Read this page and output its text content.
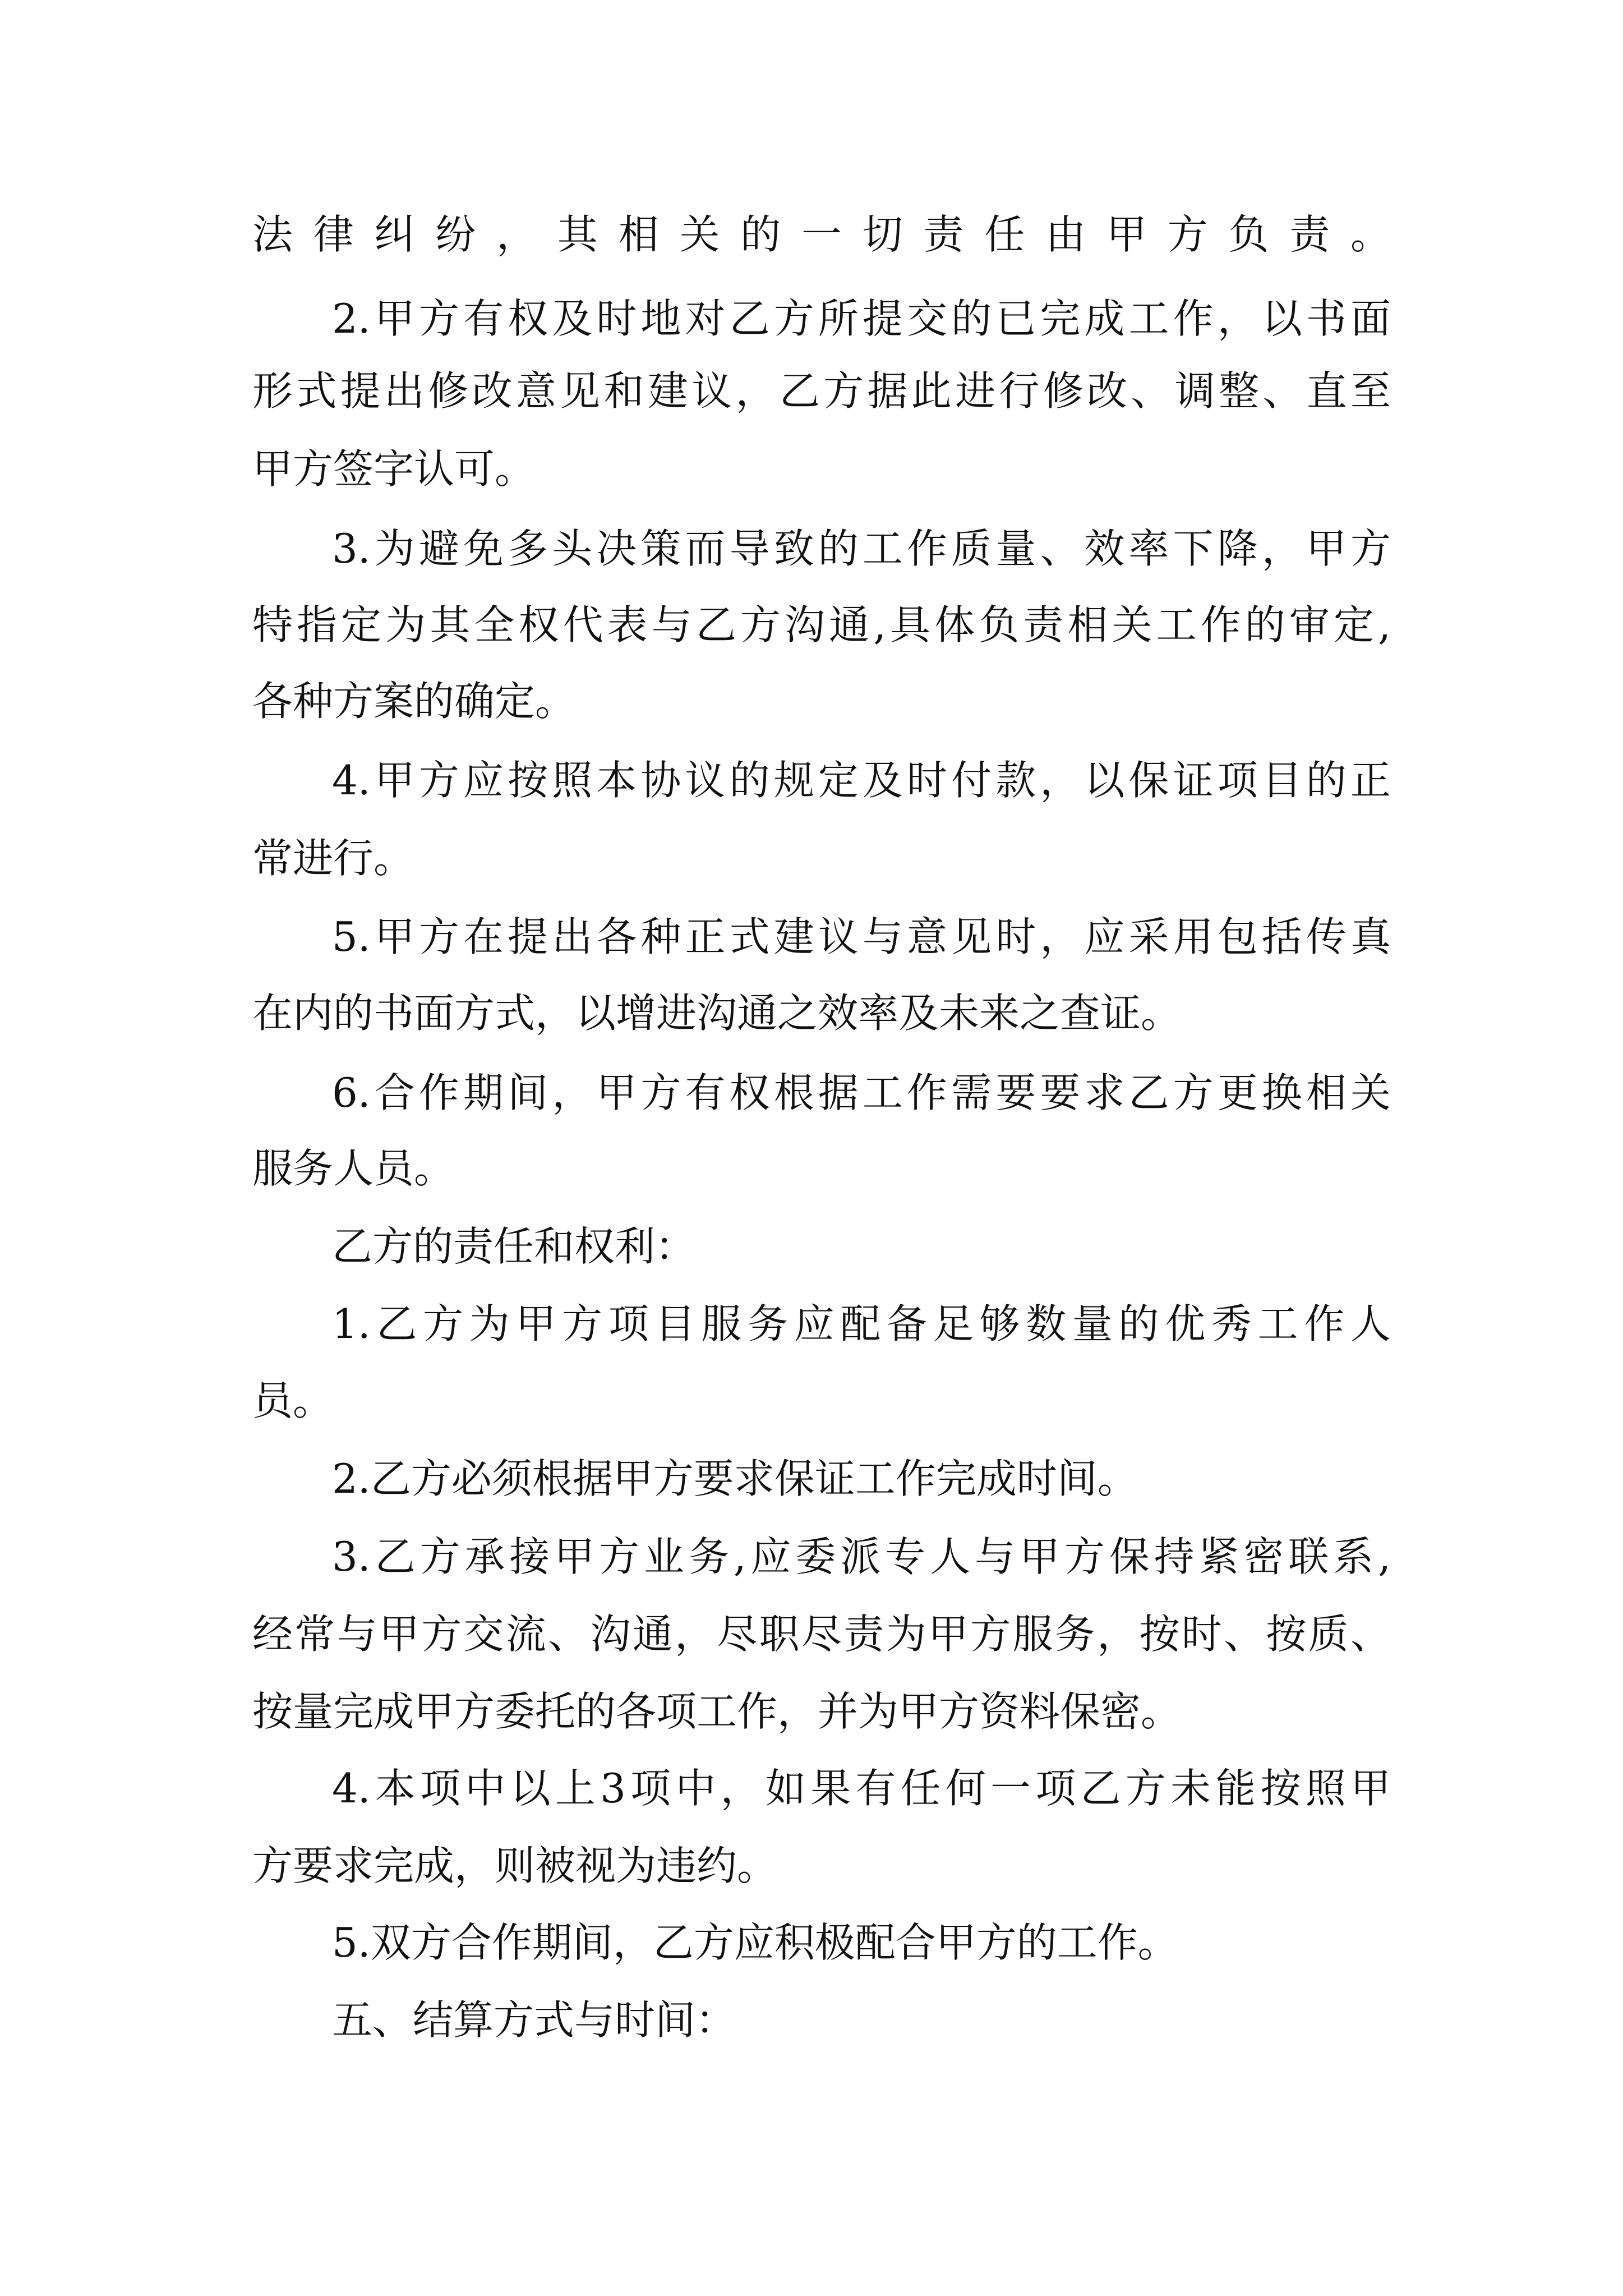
法律纠纷，其相关的一切责任由甲方负责。
2.甲方有权及时地对乙方所提交的已完成工作，以书面
形式提出修改意见和建议，乙方据此进行修改、调整、直至
甲方签字认可。
3.为避免多头决策而导致的工作质量、效率下降，甲方
特指定为其全权代表与乙方沟通,具体负责相关工作的审定,
各种方案的确定。
4.甲方应按照本协议的规定及时付款，以保证项目的正
常进行。
5.甲方在提出各种正式建议与意见时，应采用包括传真
在内的书面方式，以增进沟通之效率及未来之查证。
6.合作期间，甲方有权根据工作需要要求乙方更换相关
服务人员。
乙方的责任和权利：
1.乙方为甲方项目服务应配备足够数量的优秀工作人
员。
2.乙方必须根据甲方要求保证工作完成时间。
3.乙方承接甲方业务,应委派专人与甲方保持紧密联系,
经常与甲方交流、沟通，尽职尽责为甲方服务，按时、按质、
按量完成甲方委托的各项工作，并为甲方资料保密。
4.本项中以上3项中，如果有任何一项乙方未能按照甲
方要求完成，则被视为违约。
5.双方合作期间，乙方应积极配合甲方的工作。
五、结算方式与时间：
